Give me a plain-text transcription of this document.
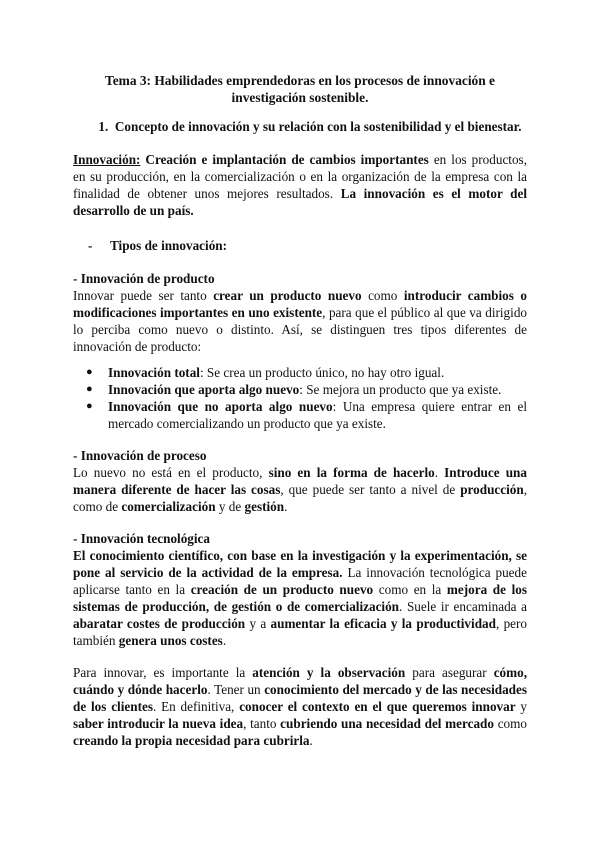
Tema 3: Habilidades emprendedoras en los procesos de innovación e investigación sostenible.

1. Concepto de innovación y su relación con la sostenibilidad y el bienestar.

Innovación: Creación e implantación de cambios importantes en los productos, en su producción, en la comercialización o en la organización de la empresa con la finalidad de obtener unos mejores resultados. La innovación es el motor del desarrollo de un país.

-	Tipos de innovación:

- Innovación de producto

Innovar puede ser tanto crear un producto nuevo como introducir cambios o modificaciones importantes en uno existente, para que el público al que va dirigido lo perciba como nuevo o distinto. Así, se distinguen tres tipos diferentes de innovación de producto:

● Innovación total: Se crea un producto único, no hay otro igual.
● Innovación que aporta algo nuevo: Se mejora un producto que ya existe.
● Innovación que no aporta algo nuevo: Una empresa quiere entrar en el mercado comercializando un producto que ya existe.

- Innovación de proceso

Lo nuevo no está en el producto, sino en la forma de hacerlo. Introduce una manera diferente de hacer las cosas, que puede ser tanto a nivel de producción, como de comercialización y de gestión.

- Innovación tecnológica

El conocimiento científico, con base en la investigación y la experimentación, se pone al servicio de la actividad de la empresa. La innovación tecnológica puede aplicarse tanto en la creación de un producto nuevo como en la mejora de los sistemas de producción, de gestión o de comercialización. Suele ir encaminada a abaratar costes de producción y a aumentar la eficacia y la productividad, pero también genera unos costes.

Para innovar, es importante la atención y la observación para asegurar cómo, cuándo y dónde hacerlo. Tener un conocimiento del mercado y de las necesidades de los clientes. En definitiva, conocer el contexto en el que queremos innovar y saber introducir la nueva idea, tanto cubriendo una necesidad del mercado como creando la propia necesidad para cubrirla.
